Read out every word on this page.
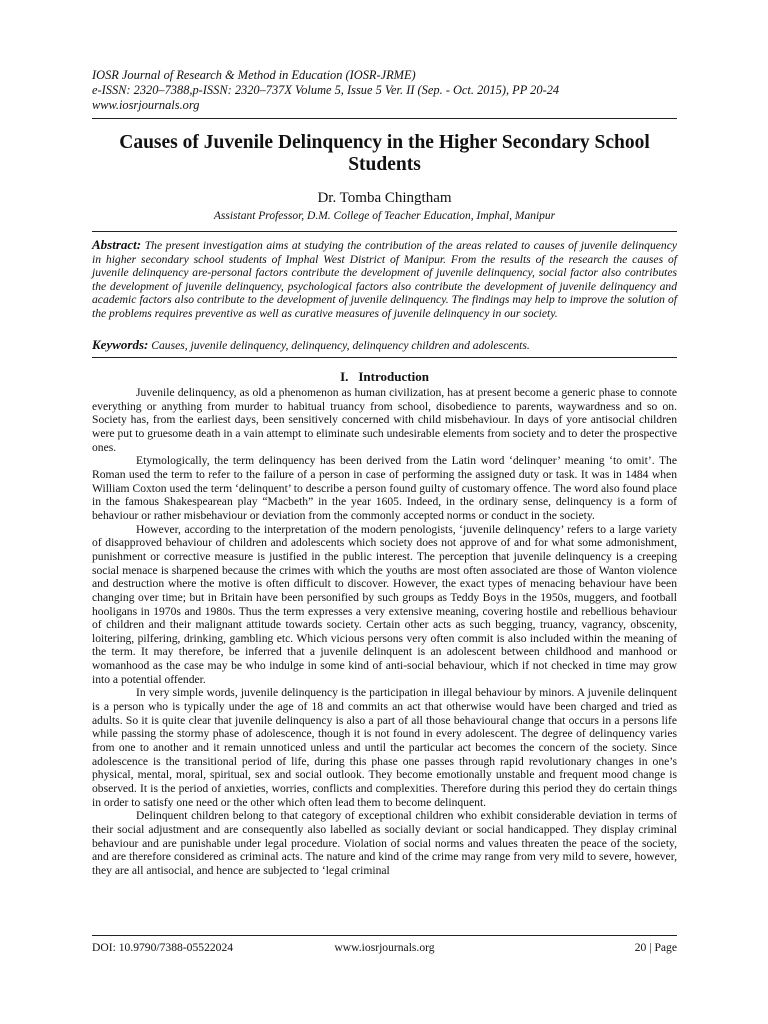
IOSR Journal of Research & Method in Education (IOSR-JRME)
e-ISSN: 2320–7388,p-ISSN: 2320–737X Volume 5, Issue 5 Ver. II (Sep. - Oct. 2015), PP 20-24
www.iosrjournals.org
Causes of Juvenile Delinquency in the Higher Secondary School Students
Dr. Tomba Chingtham
Assistant Professor, D.M. College of Teacher Education, Imphal, Manipur
Abstract: The present investigation aims at studying the contribution of the areas related to causes of juvenile delinquency in higher secondary school students of Imphal West District of Manipur. From the results of the research the causes of juvenile delinquency are-personal factors contribute the development of juvenile delinquency, social factor also contributes the development of juvenile delinquency, psychological factors also contribute the development of juvenile delinquency and academic factors also contribute to the development of juvenile delinquency. The findings may help to improve the solution of the problems requires preventive as well as curative measures of juvenile delinquency in our society.
Keywords: Causes, juvenile delinquency, delinquency, delinquency children and adolescents.
I. Introduction

Juvenile delinquency, as old a phenomenon as human civilization, has at present become a generic phase to connote everything or anything from murder to habitual truancy from school, disobedience to parents, waywardness and so on. Society has, from the earliest days, been sensitively concerned with child misbehaviour. In days of yore antisocial children were put to gruesome death in a vain attempt to eliminate such undesirable elements from society and to deter the prospective ones.

Etymologically, the term delinquency has been derived from the Latin word ‘delinquer’ meaning ‘to omit’. The Roman used the term to refer to the failure of a person in case of performing the assigned duty or task. It was in 1484 when William Coxton used the term ‘delinquent’ to describe a person found guilty of customary offence. The word also found place in the famous Shakespearean play “Macbeth” in the year 1605. Indeed, in the ordinary sense, delinquency is a form of behaviour or rather misbehaviour or deviation from the commonly accepted norms or conduct in the society.

However, according to the interpretation of the modern penologists, ‘juvenile delinquency’ refers to a large variety of disapproved behaviour of children and adolescents which society does not approve of and for what some admonishment, punishment or corrective measure is justified in the public interest. The perception that juvenile delinquency is a creeping social menace is sharpened because the crimes with which the youths are most often associated are those of Wanton violence and destruction where the motive is often difficult to discover. However, the exact types of menacing behaviour have been changing over time; but in Britain have been personified by such groups as Teddy Boys in the 1950s, muggers, and football hooligans in 1970s and 1980s. Thus the term expresses a very extensive meaning, covering hostile and rebellious behaviour of children and their malignant attitude towards society. Certain other acts as such begging, truancy, vagrancy, obscenity, loitering, pilfering, drinking, gambling etc. Which vicious persons very often commit is also included within the meaning of the term. It may therefore, be inferred that a juvenile delinquent is an adolescent between childhood and manhood or womanhood as the case may be who indulge in some kind of anti-social behaviour, which if not checked in time may grow into a potential offender.

In very simple words, juvenile delinquency is the participation in illegal behaviour by minors. A juvenile delinquent is a person who is typically under the age of 18 and commits an act that otherwise would have been charged and tried as adults. So it is quite clear that juvenile delinquency is also a part of all those behavioural change that occurs in a persons life while passing the stormy phase of adolescence, though it is not found in every adolescent. The degree of delinquency varies from one to another and it remain unnoticed unless and until the particular act becomes the concern of the society. Since adolescence is the transitional period of life, during this phase one passes through rapid revolutionary changes in one’s physical, mental, moral, spiritual, sex and social outlook. They become emotionally unstable and frequent mood change is observed. It is the period of anxieties, worries, conflicts and complexities. Therefore during this period they do certain things in order to satisfy one need or the other which often lead them to become delinquent.

Delinquent children belong to that category of exceptional children who exhibit considerable deviation in terms of their social adjustment and are consequently also labelled as socially deviant or social handicapped. They display criminal behaviour and are punishable under legal procedure. Violation of social norms and values threaten the peace of the society, and are therefore considered as criminal acts. The nature and kind of the crime may range from very mild to severe, however, they are all antisocial, and hence are subjected to ‘legal criminal

DOI: 10.9790/7388-05522024	www.iosrjournals.org	20 | Page
